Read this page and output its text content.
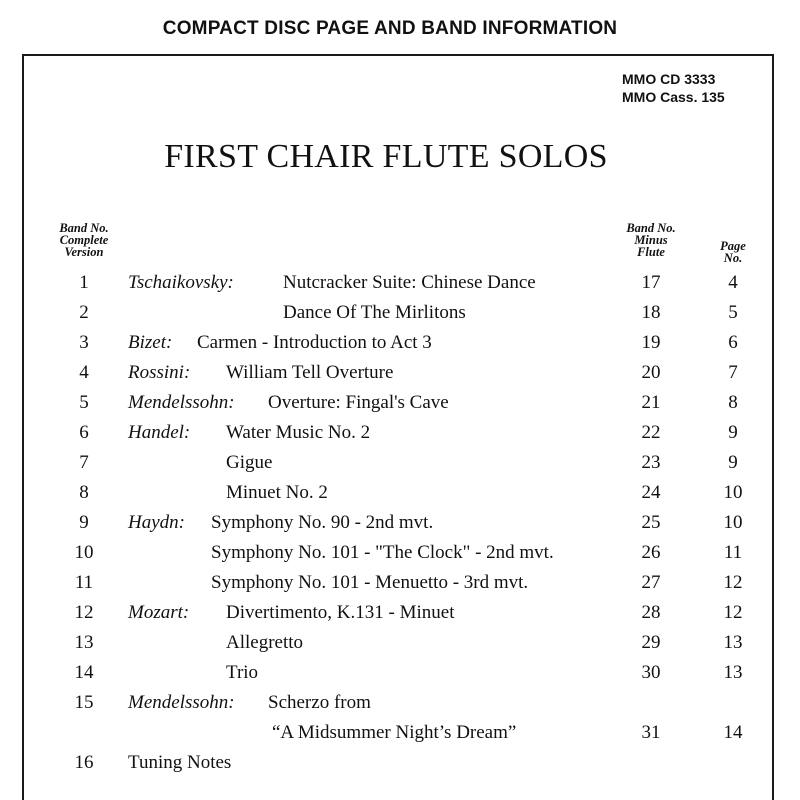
COMPACT DISC PAGE AND BAND INFORMATION
MMO CD 3333
MMO Cass. 135
FIRST CHAIR FLUTE SOLOS
Band No.
Complete
Version
Band No.
Minus
Flute	Page
No.
1	Tschaikovsky:	Nutcracker Suite: Chinese Dance	17	4
2	Dance Of The Mirlitons	18	5
3	Bizet: Carmen - Introduction to Act 3	19	6
4	Rossini: William Tell Overture	20	7
5	Mendelssohn: Overture: Fingal's Cave	21	8
6	Handel: Water Music No. 2	22	9
7	Gigue	23	9
8	Minuet No. 2	24	10
9	Haydn: Symphony No. 90 - 2nd mvt.	25	10
10	Symphony No. 101 - "The Clock" - 2nd mvt.	26	11
11	Symphony No. 101 - Menuetto - 3rd mvt.	27	12
12	Mozart: Divertimento, K.131 - Minuet	28	12
13	Allegretto	29	13
14	Trio	30	13
15	Mendelssohn: Scherzo from
“A Midsummer Night’s Dream”	31	14
16	Tuning Notes
